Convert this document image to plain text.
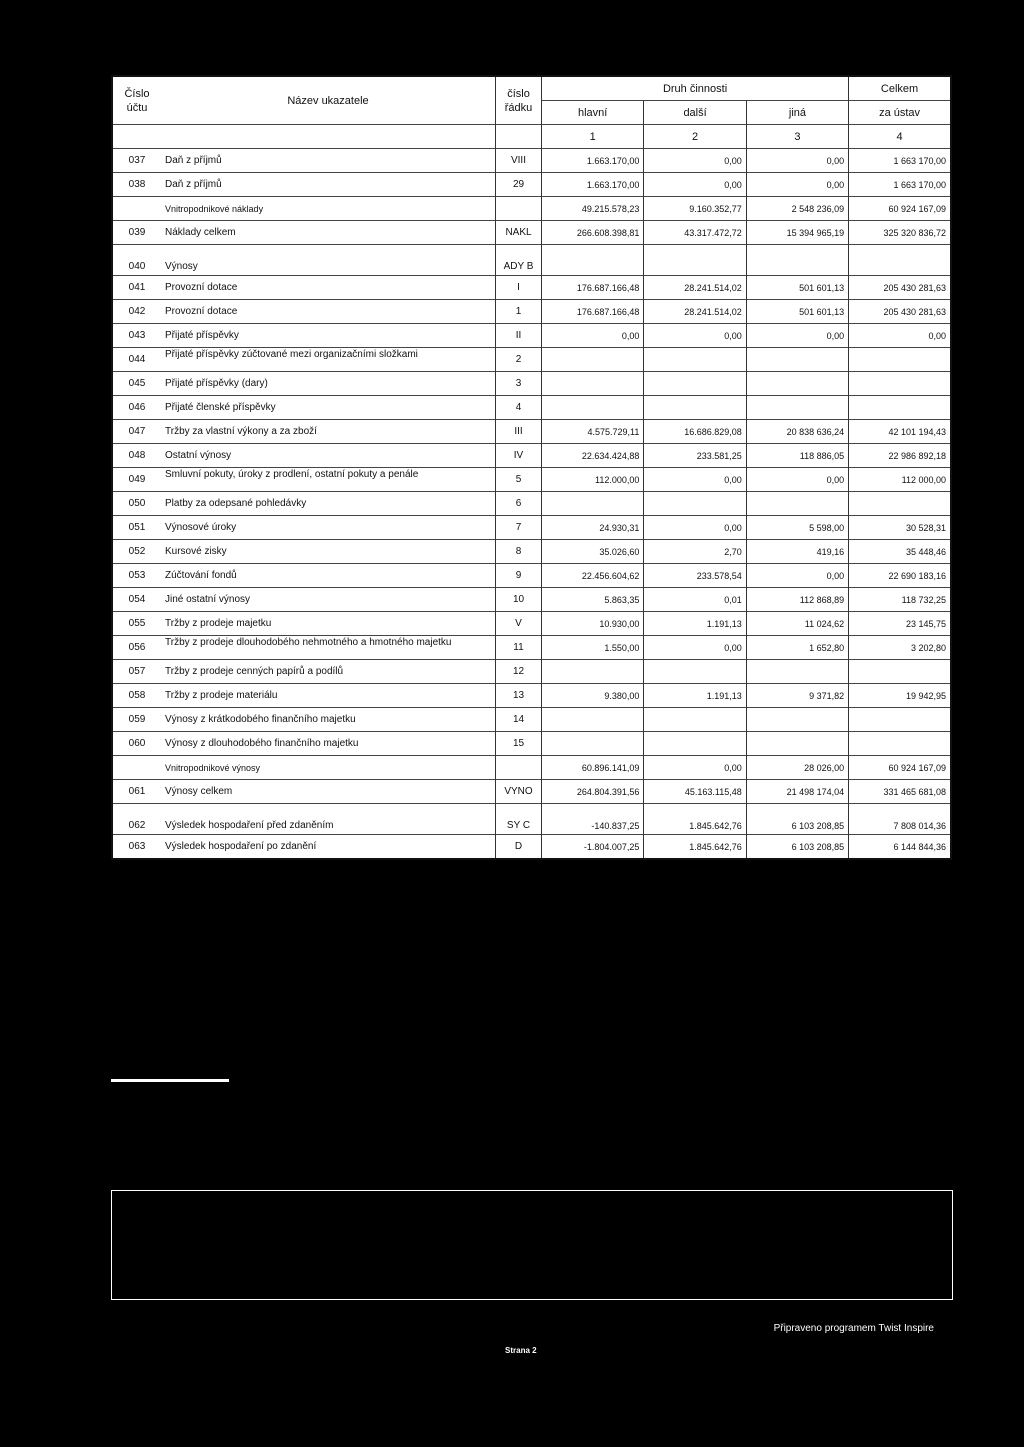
Číslo účtu	Název ukazatele	číslo řádku	Druh činnosti			Celkem
			hlavní	další	jiná	za ústav
			1	2	3	4
037	Daň z příjmů	VIII	1.663.170,00	0,00	0,00	1 663 170,00
038	Daň z příjmů	29	1.663.170,00	0,00	0,00	1 663 170,00
	Vnitropodnikové náklady		49.215.578,23	9.160.352,77	2 548 236,09	60 924 167,09
039	Náklady celkem	NAKL	266.608.398,81	43.317.472,72	15 394 965,19	325 320 836,72
040	Výnosy	ADY B				
041	Provozní dotace	I	176.687.166,48	28.241.514,02	501 601,13	205 430 281,63
042	Provozní dotace	1	176.687.166,48	28.241.514,02	501 601,13	205 430 281,63
043	Přijaté příspěvky	II	0,00	0,00	0,00	0,00
044	Přijaté příspěvky zúčtované mezi organizačními složkami	2				
045	Přijaté příspěvky (dary)	3				
046	Přijaté členské příspěvky	4				
047	Tržby za vlastní výkony a za zboží	III	4.575.729,11	16.686.829,08	20 838 636,24	42 101 194,43
048	Ostatní výnosy	IV	22.634.424,88	233.581,25	118 886,05	22 986 892,18
049	Smluvní pokuty, úroky z prodlení, ostatní pokuty a penále	5	112.000,00	0,00	0,00	112 000,00
050	Platby za odepsané pohledávky	6				
051	Výnosové úroky	7	24.930,31	0,00	5 598,00	30 528,31
052	Kursové zisky	8	35.026,60	2,70	419,16	35 448,46
053	Zúčtování fondů	9	22.456.604,62	233.578,54	0,00	22 690 183,16
054	Jiné ostatní výnosy	10	5.863,35	0,01	112 868,89	118 732,25
055	Tržby z prodeje majetku	V	10.930,00	1.191,13	11 024,62	23 145,75
056	Tržby z prodeje dlouhodobého nehmotného a hmotného majetku	11	1.550,00	0,00	1 652,80	3 202,80
057	Tržby z prodeje cenných papírů a podílů	12				
058	Tržby z prodeje materiálu	13	9.380,00	1.191,13	9 371,82	19 942,95
059	Výnosy z krátkodobého finančního majetku	14				
060	Výnosy z dlouhodobého finančního majetku	15				
	Vnitropodnikové výnosy		60.896.141,09	0,00	28 026,00	60 924 167,09
061	Výnosy celkem	VYNO	264.804.391,56	45.163.115,48	21 498 174,04	331 465 681,08
062	Výsledek hospodaření před zdaněním	SY C	-140.837,25	1.845.642,76	6 103 208,85	7 808 014,36
063	Výsledek hospodaření po zdanění	D	-1.804.007,25	1.845.642,76	6 103 208,85	6 144 844,36
Připraveno programem Twist Inspire
Strana 2
